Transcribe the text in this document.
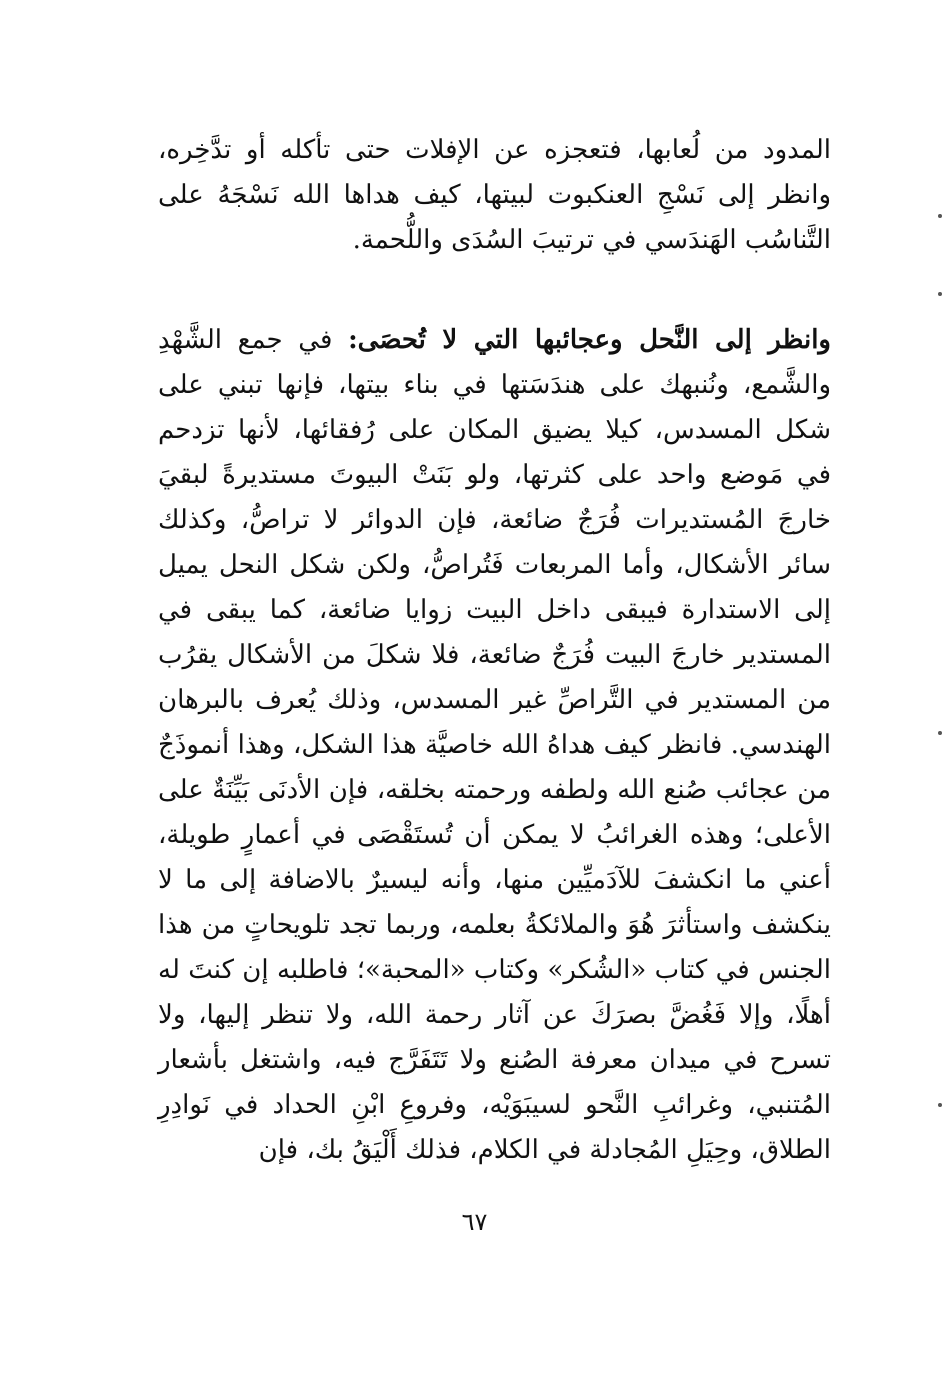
المدود من لُعابها، فتعجزه عن الإفلات حتى تأكله أو تدَّخِره، وانظر إلى نَسْجِ العنكبوت لبيتها، كيف هداها الله نَسْجَهُ على التَّناسُب الهَندَسي في ترتيبَ السُدَى واللُّحمة.

وانظر إلى النَّحل وعجائبها التي لا تُحصَى: في جمع الشَّهْدِ والشَّمع، ونُنبهك على هندَسَتها في بناء بيتها، فإنها تبني على شكل المسدس، كيلا يضيق المكان على رُفقائها، لأنها تزدحم في مَوضع واحد على كثرتها، ولو بَنَتْ البيوتَ مستديرةً لبقيَ خارجَ المُستديرات فُرَجٌ ضائعة، فإن الدوائر لا تراصُّ، وكذلك سائر الأشكال، وأما المربعات فَتُراصُّ، ولكن شكل النحل يميل إلى الاستدارة فيبقى داخل البيت زوايا ضائعة، كما يبقى في المستدير خارجَ البيت فُرَجٌ ضائعة، فلا شكلَ من الأشكال يقرُب من المستدير في التَّراصِّ غير المسدس، وذلك يُعرف بالبرهان الهندسي. فانظر كيف هداهُ الله خاصيَّة هذا الشكل، وهذا أنموذَجٌ من عجائب صُنع الله ولطفه ورحمته بخلقه، فإن الأدنَى بَيِّنَةٌ على الأعلى؛ وهذه الغرائبُ لا يمكن أن تُستَقْصَى في أعمارٍ طويلة، أعني ما انكشفَ للآدَميِّين منها، وأنه ليسيرٌ بالاضافة إلى ما لا ينكشف واستأثرَ هُوَ والملائكةُ بعلمه، وربما تجد تلويحاتٍ من هذا الجنس في كتاب «الشُكر» وكتاب «المحبة»؛ فاطلبه إن كنتَ له أهلًا، وإلا فَغُضَّ بصرَكَ عن آثار رحمة الله، ولا تنظر إليها، ولا تسرح في ميدان معرفة الصُنع ولا تَتَفَرَّج فيه، واشتغل بأشعار المُتنبي، وغرائبِ النَّحو لسيبَوَيْه، وفروعِ ابْنِ الحداد في نَوادِرِ الطلاق، وحِيَلِ المُجادلة في الكلام، فذلك أَلْيَقُ بك، فإن

٦٧
